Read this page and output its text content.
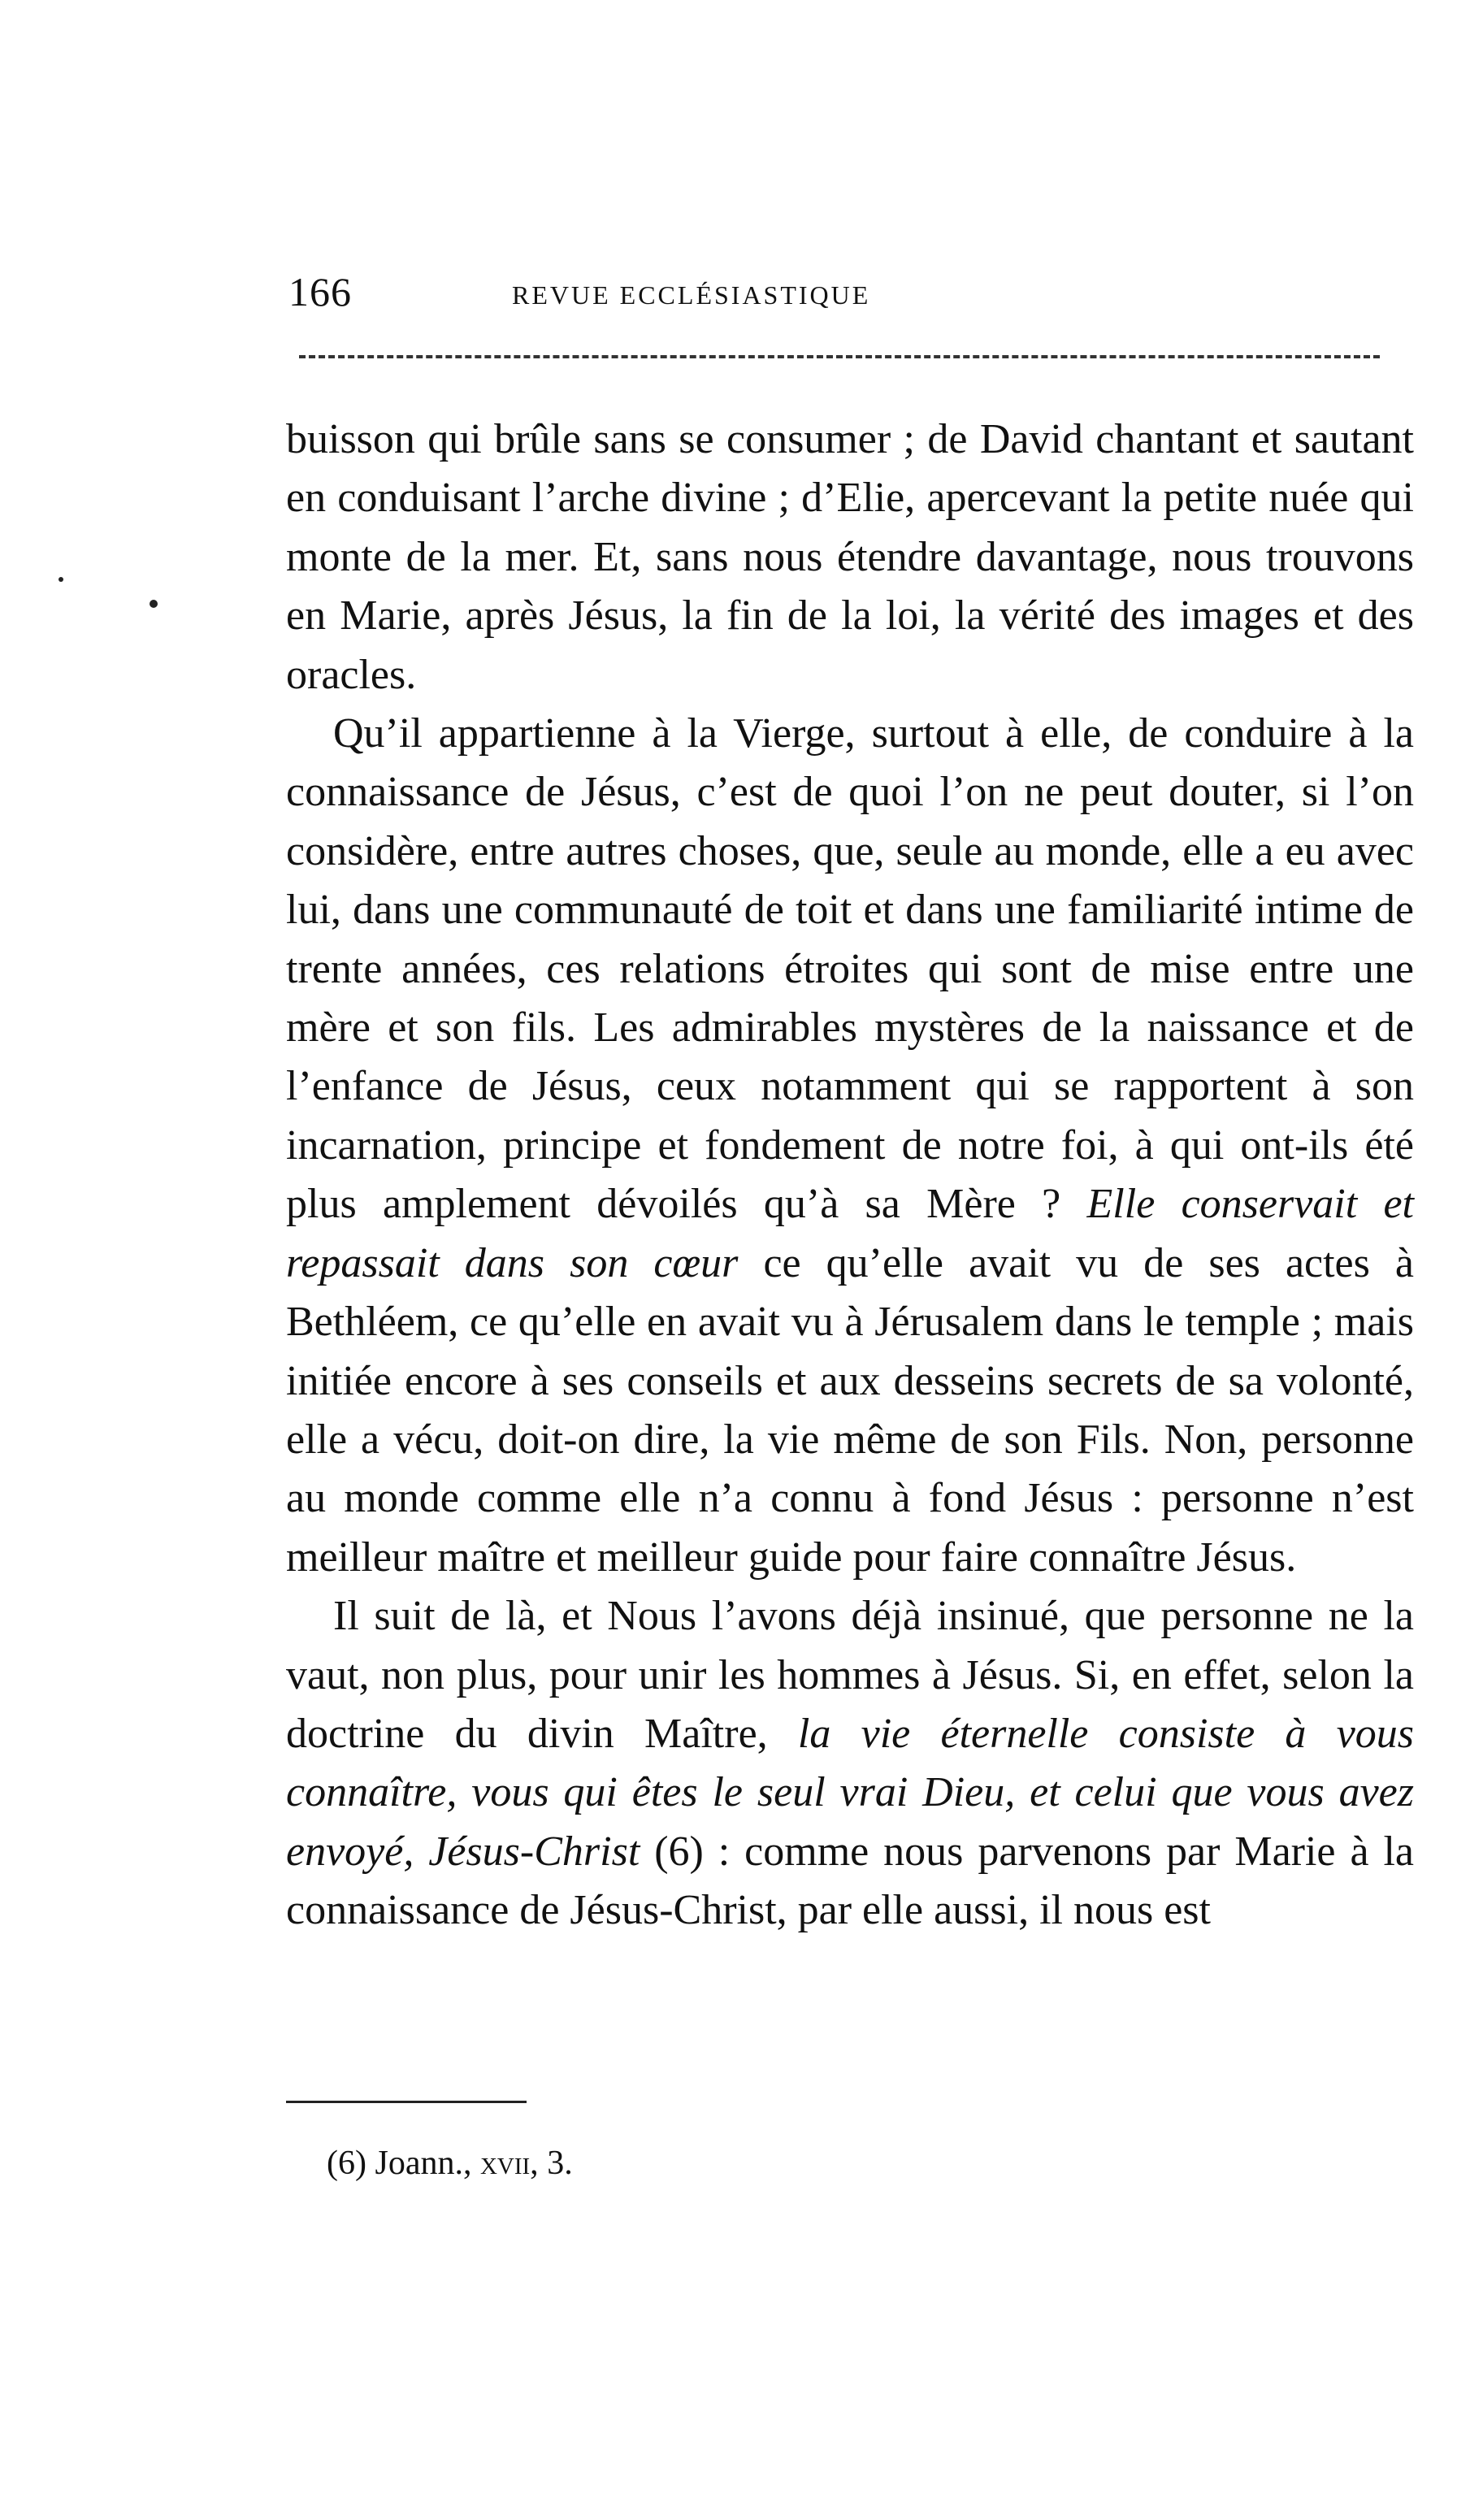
166	REVUE ECCLÉSIASTIQUE

buisson qui brûle sans se consumer ; de David chantant et sautant en conduisant l’arche divine ; d’Elie, apercevant la petite nuée qui monte de la mer. Et, sans nous étendre davantage, nous trouvons en Marie, après Jésus, la fin de la loi, la vérité des images et des oracles.

Qu’il appartienne à la Vierge, surtout à elle, de conduire à la connaissance de Jésus, c’est de quoi l’on ne peut douter, si l’on considère, entre autres choses, que, seule au monde, elle a eu avec lui, dans une communauté de toit et dans une familiarité intime de trente années, ces relations étroites qui sont de mise entre une mère et son fils. Les admirables mystères de la naissance et de l’enfance de Jésus, ceux notamment qui se rapportent à son incarnation, principe et fondement de notre foi, à qui ont-ils été plus amplement dévoilés qu’à sa Mère ? Elle conservait et repassait dans son cœur ce qu’elle avait vu de ses actes à Bethléem, ce qu’elle en avait vu à Jérusalem dans le temple ; mais initiée encore à ses conseils et aux desseins secrets de sa volonté, elle a vécu, doit-on dire, la vie même de son Fils. Non, personne au monde comme elle n’a connu à fond Jésus : personne n’est meilleur maître et meilleur guide pour faire connaître Jésus.

Il suit de là, et Nous l’avons déjà insinué, que personne ne la vaut, non plus, pour unir les hommes à Jésus. Si, en effet, selon la doctrine du divin Maître, la vie éternelle consiste à vous connaître, vous qui êtes le seul vrai Dieu, et celui que vous avez envoyé, Jésus-Christ (6) : comme nous parvenons par Marie à la connaissance de Jésus-Christ, par elle aussi, il nous est

(6) Joann., xvii, 3.
